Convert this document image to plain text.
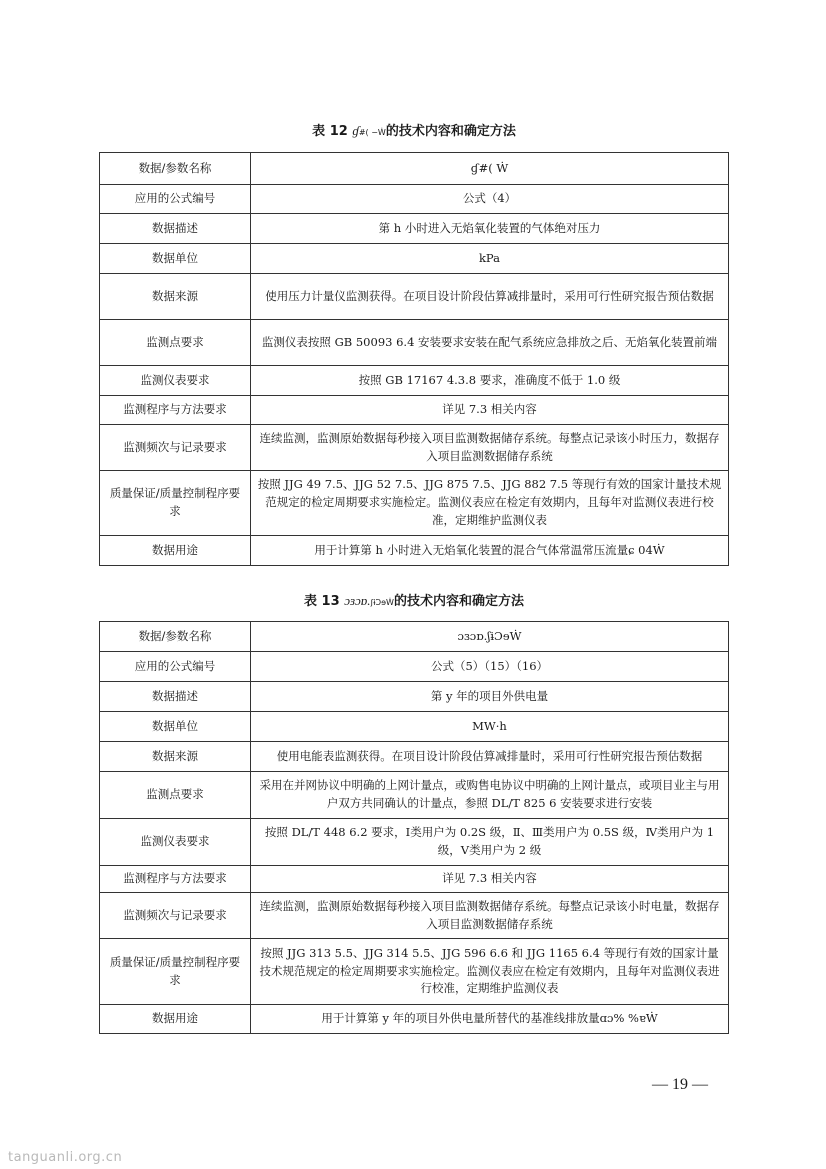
表 12 ɠ#( −Ẇ的技术内容和确定方法
数据/参数名称	ɠ#( Ẇ
应用的公式编号	公式（4）
数据描述	第 h 小时进入无焰氧化装置的气体绝对压力
数据单位	kPa
数据来源	使用压力计量仪监测获得。在项目设计阶段估算减排量时，采用可行性研究报告预估数据
监测点要求	监测仪表按照 GB 50093 6.4 安装要求安装在配气系统应急排放之后、无焰氧化装置前端
监测仪表要求	按照 GB 17167 4.3.8 要求，准确度不低于 1.0 级
监测程序与方法要求	详见 7.3 相关内容
监测频次与记录要求	连续监测，监测原始数据每秒接入项目监测数据储存系统。每整点记录该小时压力，数据存入项目监测数据储存系统
质量保证/质量控制程序要求	按照 JJG 49 7.5、JJG 52 7.5、JJG 875 7.5、JJG 882 7.5 等现行有效的国家计量技术规范规定的检定周期要求实施检定。监测仪表应在检定有效期内，且每年对监测仪表进行校准，定期维护监测仪表
数据用途	用于计算第 h 小时进入无焰氧化装置的混合气体常温常压流量ɕ 04Ẇ
表 13 ɔɜɔɒ.ʃɨƆɘẆ的技术内容和确定方法
数据/参数名称	ɔɜɔɒ.ʃɨƆɘẆ
应用的公式编号	公式（5）（15）（16）
数据描述	第 y 年的项目外供电量
数据单位	MW·h
数据来源	使用电能表监测获得。在项目设计阶段估算减排量时，采用可行性研究报告预估数据
监测点要求	采用在并网协议中明确的上网计量点，或购售电协议中明确的上网计量点，或项目业主与用户双方共同确认的计量点，参照 DL/T 825 6 安装要求进行安装
监测仪表要求	按照 DL/T 448 6.2 要求，Ⅰ类用户为 0.2S 级，Ⅱ、Ⅲ类用户为 0.5S 级，Ⅳ类用户为 1 级，Ⅴ类用户为 2 级
监测程序与方法要求	详见 7.3 相关内容
监测频次与记录要求	连续监测，监测原始数据每秒接入项目监测数据储存系统。每整点记录该小时电量，数据存入项目监测数据储存系统
质量保证/质量控制程序要求	按照 JJG 313 5.5、JJG 314 5.5、JJG 596 6.6 和 JJG 1165 6.4 等现行有效的国家计量技术规范规定的检定周期要求实施检定。监测仪表应在检定有效期内，且每年对监测仪表进行校准，定期维护监测仪表
数据用途	用于计算第 y 年的项目外供电量所替代的基准线排放量ɑɔ% %ɐẆ
— 19 —
tanguanli.org.cn
